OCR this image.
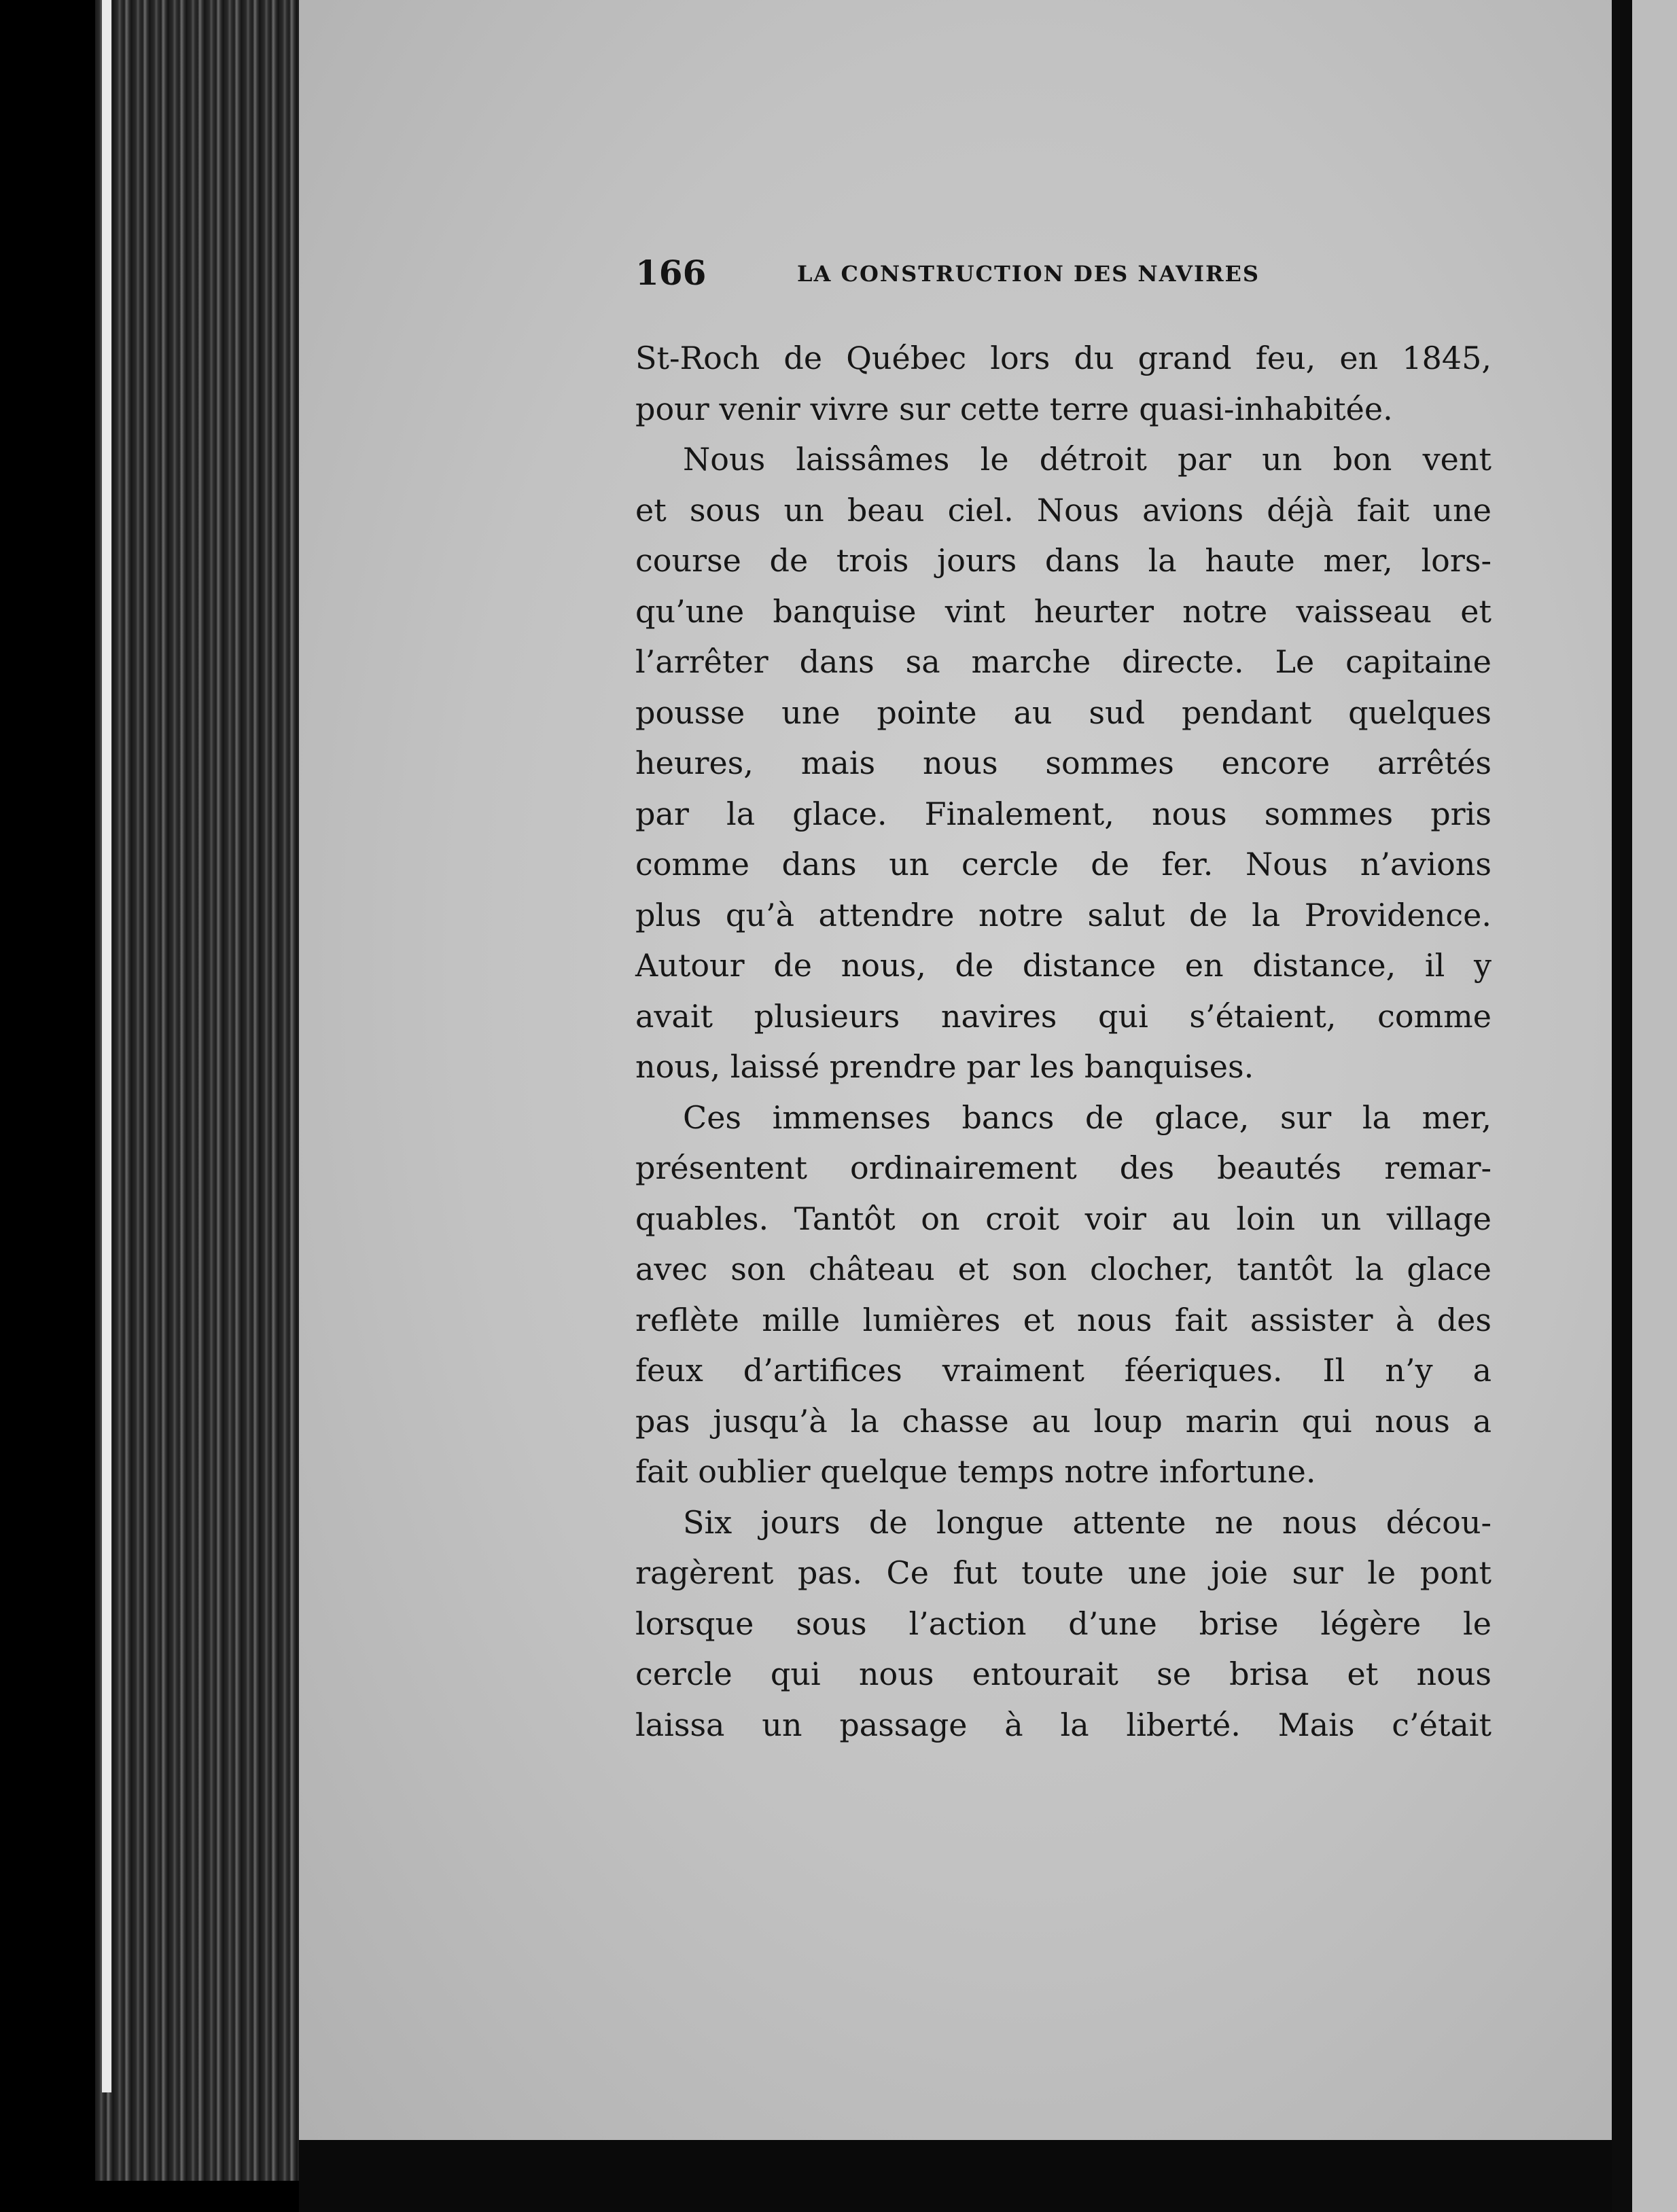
166	LA CONSTRUCTION DES NAVIRES
St-Roch de Québec lors du grand feu, en 1845,
pour venir vivre sur cette terre quasi-inhabitée.
Nous laissâmes le détroit par un bon vent
et sous un beau ciel. Nous avions déjà fait une
course de trois jours dans la haute mer, lors-
qu’une banquise vint heurter notre vaisseau et
l’arrêter dans sa marche directe. Le capitaine
pousse une pointe au sud pendant quelques
heures, mais nous sommes encore arrêtés
par la glace. Finalement, nous sommes pris
comme dans un cercle de fer. Nous n’avions
plus qu’à attendre notre salut de la Providence.
Autour de nous, de distance en distance, il y
avait plusieurs navires qui s’étaient, comme
nous, laissé prendre par les banquises.
Ces immenses bancs de glace, sur la mer,
présentent ordinairement des beautés remar-
quables. Tantôt on croit voir au loin un village
avec son château et son clocher, tantôt la glace
reflète mille lumières et nous fait assister à des
feux d’artifices vraiment féeriques. Il n’y a
pas jusqu’à la chasse au loup marin qui nous a
fait oublier quelque temps notre infortune.
Six jours de longue attente ne nous décou-
ragèrent pas. Ce fut toute une joie sur le pont
lorsque sous l’action d’une brise légère le
cercle qui nous entourait se brisa et nous
laissa un passage à la liberté. Mais c’était
